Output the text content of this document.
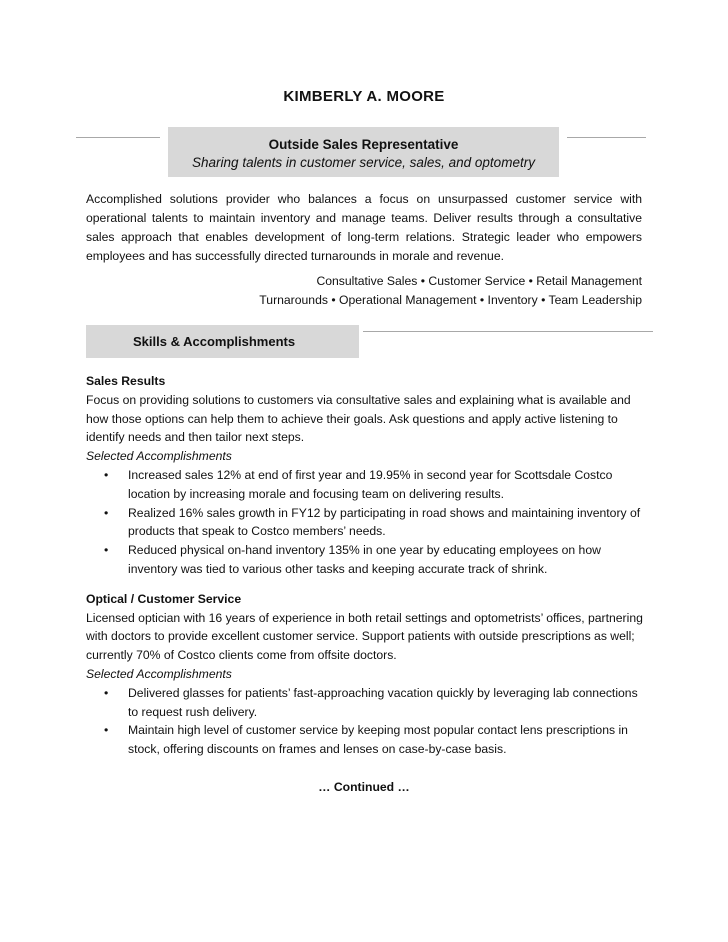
KIMBERLY A. MOORE
Outside Sales Representative
Sharing talents in customer service, sales, and optometry
Accomplished solutions provider who balances a focus on unsurpassed customer service with operational talents to maintain inventory and manage teams. Deliver results through a consultative sales approach that enables development of long-term relations. Strategic leader who empowers employees and has successfully directed turnarounds in morale and revenue.
Consultative Sales • Customer Service • Retail Management
Turnarounds • Operational Management • Inventory • Team Leadership
Skills & Accomplishments
Sales Results
Focus on providing solutions to customers via consultative sales and explaining what is available and how those options can help them to achieve their goals. Ask questions and apply active listening to identify needs and then tailor next steps.
Selected Accomplishments
• Increased sales 12% at end of first year and 19.95% in second year for Scottsdale Costco location by increasing morale and focusing team on delivering results.
• Realized 16% sales growth in FY12 by participating in road shows and maintaining inventory of products that speak to Costco members’ needs.
• Reduced physical on-hand inventory 135% in one year by educating employees on how inventory was tied to various other tasks and keeping accurate track of shrink.
Optical / Customer Service
Licensed optician with 16 years of experience in both retail settings and optometrists’ offices, partnering with doctors to provide excellent customer service. Support patients with outside prescriptions as well; currently 70% of Costco clients come from offsite doctors.
Selected Accomplishments
• Delivered glasses for patients’ fast-approaching vacation quickly by leveraging lab connections to request rush delivery.
• Maintain high level of customer service by keeping most popular contact lens prescriptions in stock, offering discounts on frames and lenses on case-by-case basis.
… Continued …
